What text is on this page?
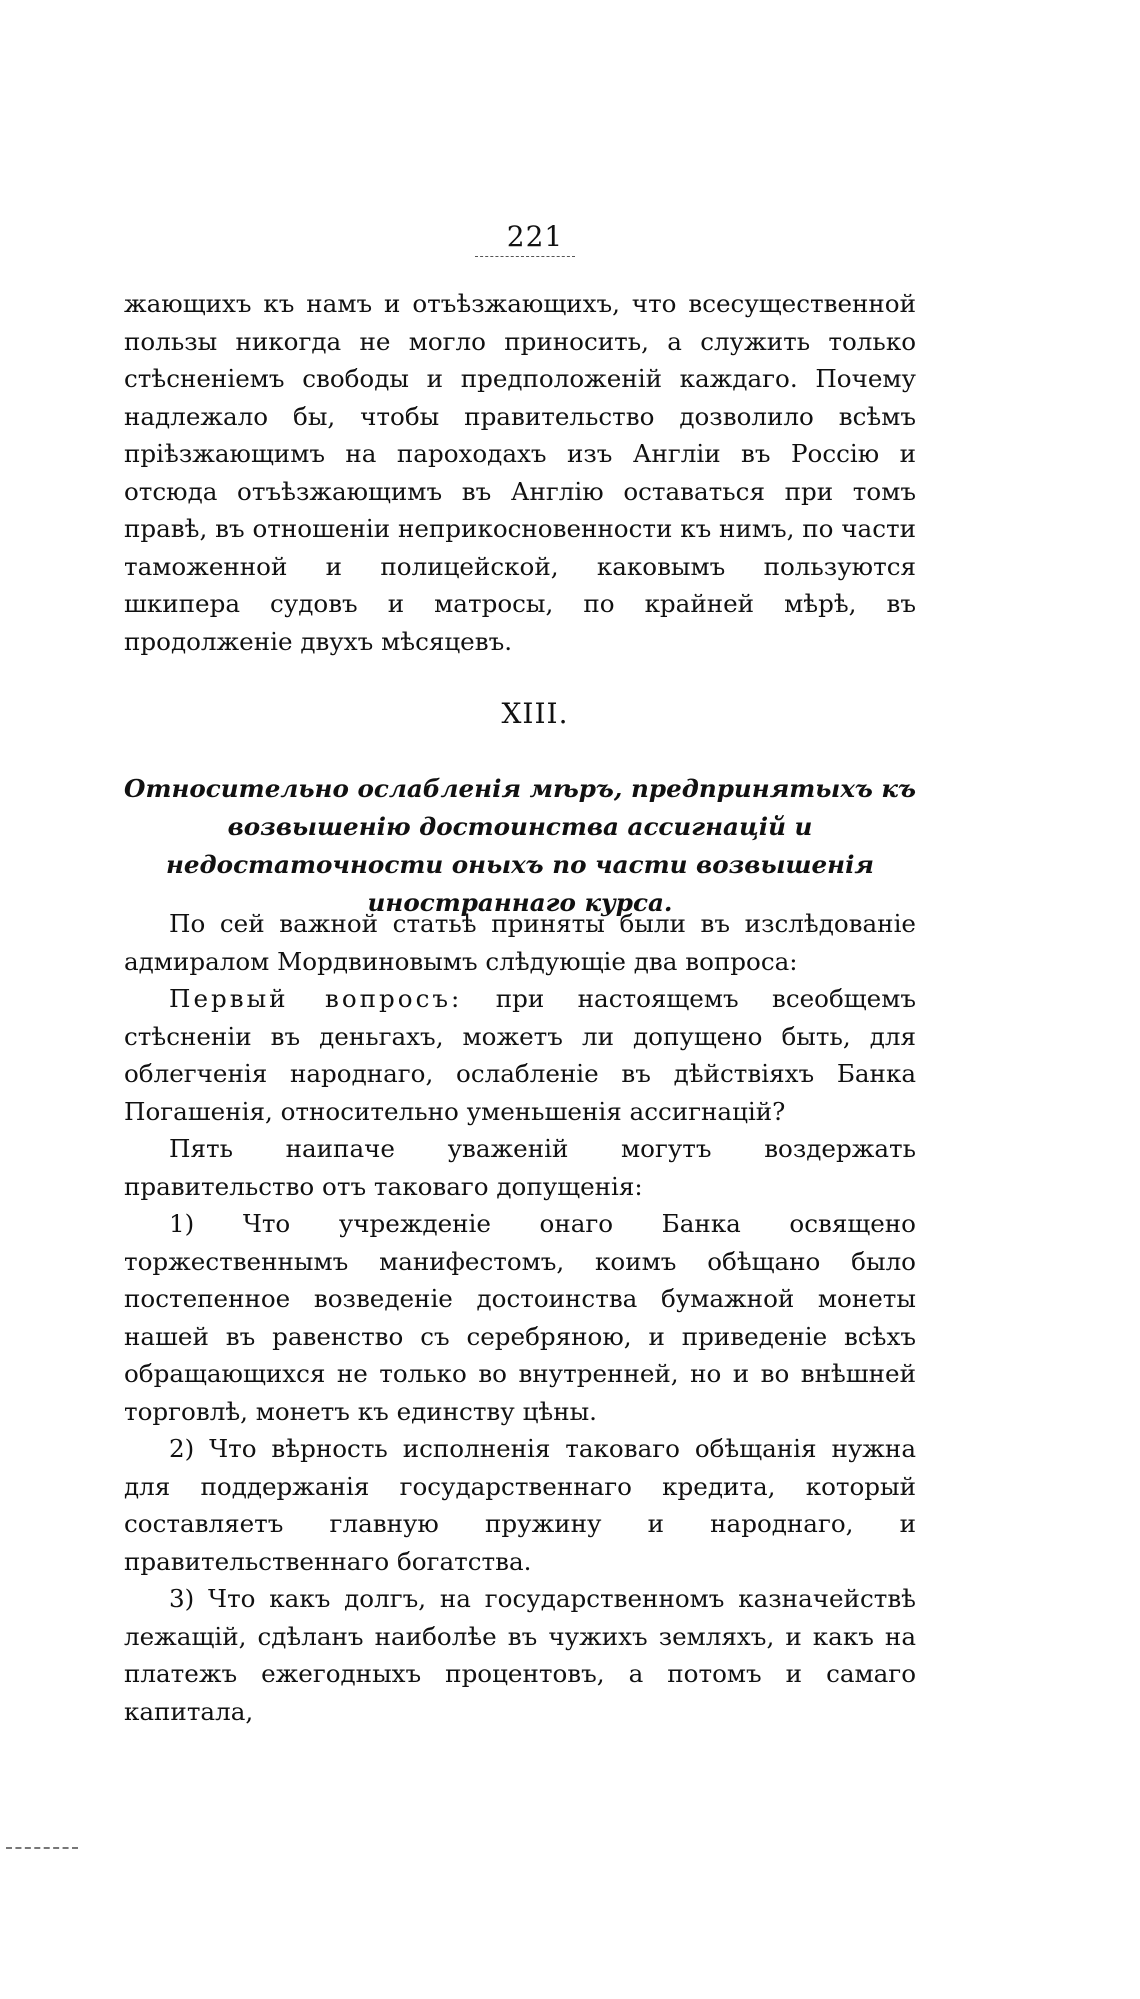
221
жающихъ къ намъ и отъѣзжающихъ, что всесущественной пользы никогда не могло приносить, а служить только стѣсненіемъ свободы и предположеній каждаго. Почему надлежало бы, чтобы правительство дозволило всѣмъ пріѣзжающимъ на пароходахъ изъ Англіи въ Россію и отсюда отъѣзжающимъ въ Англію оставаться при томъ правѣ, въ отношеніи неприкосновенности къ нимъ, по части таможенной и полицейской, каковымъ пользуются шкипера судовъ и матросы, по крайней мѣрѣ, въ продолженіе двухъ мѣсяцевъ.
XIII.
Относительно ослабленія мѣръ, предпринятыхъ къ возвышенію достоинства ассигнацій и недостаточности оныхъ по части возвышенія иностраннаго курса.

По сей важной статьѣ приняты были въ изслѣдованіе адмиралом Мордвиновымъ слѣдующіе два вопроса:

Первый вопросъ: при настоящемъ всеобщемъ стѣсненіи въ деньгахъ, можетъ ли допущено быть, для облегченія народнаго, ослабленіе въ дѣйствіяхъ Банка Погашенія, относительно уменьшенія ассигнацій?

Пять наипаче уваженій могутъ воздержать правительство отъ таковаго допущенія:

1) Что учрежденіе онаго Банка освящено торжественнымъ манифестомъ, коимъ обѣщано было постепенное возведеніе достоинства бумажной монеты нашей въ равенство съ серебряною, и приведеніе всѣхъ обращающихся не только во внутренней, но и во внѣшней торговлѣ, монетъ къ единству цѣны.

2) Что вѣрность исполненія таковаго обѣщанія нужна для поддержанія государственнаго кредита, который составляетъ главную пружину и народнаго, и правительственнаго богатства.

3) Что какъ долгъ, на государственномъ казначействѣ лежащій, сдѣланъ наиболѣе въ чужихъ земляхъ, и какъ на платежъ ежегодныхъ процентовъ, а потомъ и самаго капитала,
